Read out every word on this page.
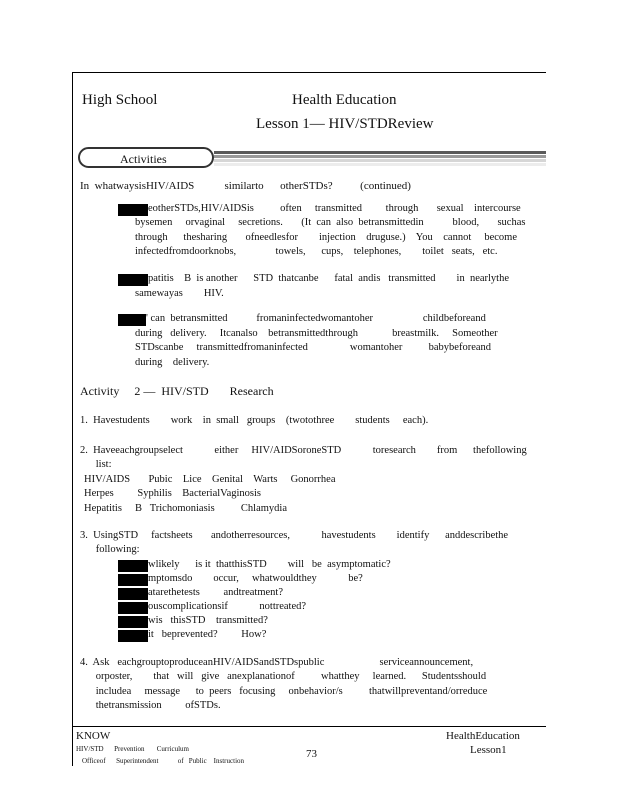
High School	Health Education
Lesson 1— HIV/STDReview
Activities
In  whatwaysisHIV/AIDS           similarto      otherSTDs?          (continued)
eotherSTDs,HIV/AIDSis          often     transmitted         through       sexual    intercourse
bysemen     orvaginal     secretions.       (It  can  also  betransmittedin           blood,       suchas
through      thesharing       ofneedlesfor        injection    druguse.)    You    cannot     become
infectedfromdoorknobs,               towels,      cups,    telephones,        toilet   seats,   etc.
patitis    B  is another      STD  thatcanbe      fatal  andis   transmitted        in  nearlythe
samewayas        HIV.
' can  betransmitted           fromaninfectedwomantoher                   childbeforeand
during   delivery.     Itcanalso    betransmittedthrough             breastmilk.     Someother
STDscanbe     transmittedfromaninfected                womantoher          babybeforeand
during    delivery.
Activity     2 —  HIV/STD       Research
1.  Havestudents        work    in  small   groups    (twotothree        students     each).
2.  Haveeachgroupselect            either     HIV/AIDSoroneSTD            toresearch        from      thefollowing
list:
HIV/AIDS       Pubic    Lice    Genital    Warts     Gonorrhea
Herpes         Syphilis    BacterialVaginosis
Hepatitis     B   Trichomoniasis          Chlamydia
3.  UsingSTD     factsheets       andotherresources,            havestudents        identify      anddescribethe
following:
wlikely      is it  thatthisSTD        will   be  asymptomatic?
mptomsdo        occur,     whatwouldthey            be?
atarethetests         andtreatment?
ouscomplicationsif            nottreated?
wis   thisSTD    transmitted?
it   beprevented?         How?
4.  Ask   eachgrouptoproduceanHIV/AIDSandSTDspublic                     serviceannouncement,
orposter,        that   will   give   anexplanationof          whatthey     learned.      Studentsshould
includea     message      to  peers   focusing     onbehavior/s          thatwillpreventand/orreduce
thetransmission         ofSTDs.
KNOW
HIV/STD      Prevention       Curriculum
Officeof      Superintendent           of   Public    Instruction
73
HealthEducation
Lesson1
